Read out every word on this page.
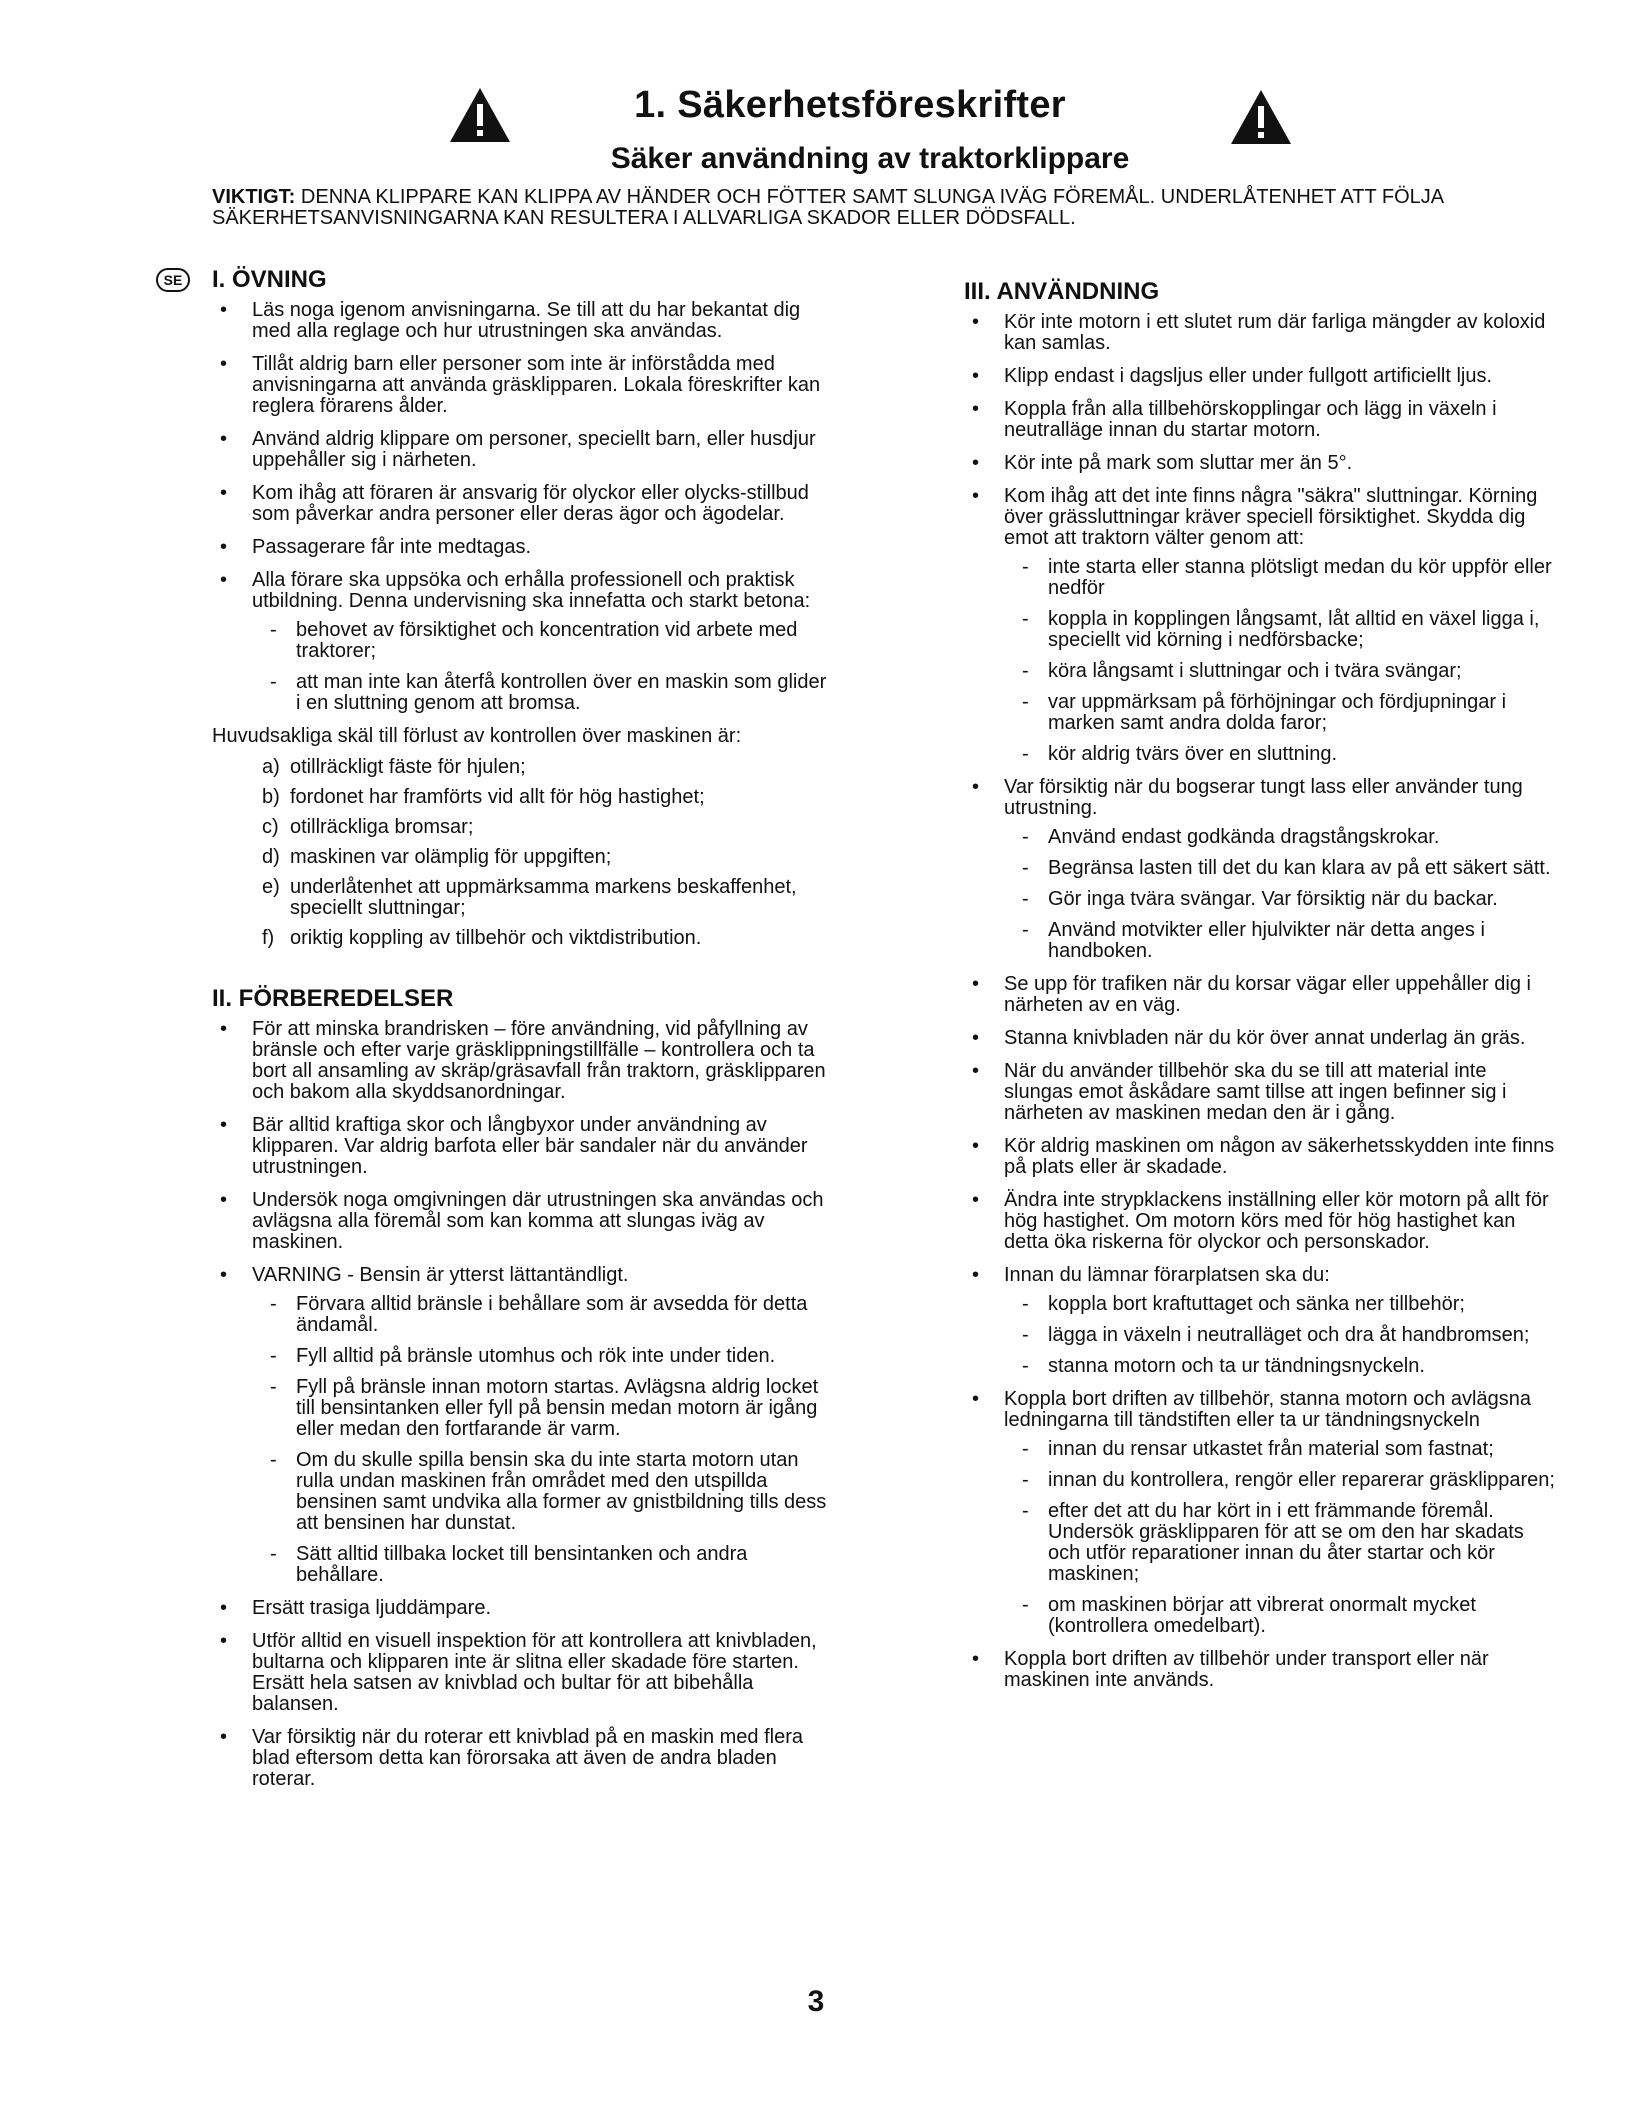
1. Säkerhetsföreskrifter
Säker användning av traktorklippare

VIKTIGT: DENNA KLIPPARE KAN KLIPPA AV HÄNDER OCH FÖTTER SAMT SLUNGA IVÄG FÖREMÅL. UNDERLÅTENHET ATT FÖLJA SÄKERHETSANVISNINGARNA KAN RESULTERA I ALLVARLIGA SKADOR ELLER DÖDSFALL.

SE	I. ÖVNING
• Läs noga igenom anvisningarna. Se till att du har bekantat dig med alla reglage och hur utrustningen ska användas.
• Tillåt aldrig barn eller personer som inte är införstådda med anvisningarna att använda gräsklipparen. Lokala föreskrifter kan reglera förarens ålder.
• Använd aldrig klippare om personer, speciellt barn, eller husdjur uppehåller sig i närheten.
• Kom ihåg att föraren är ansvarig för olyckor eller olycks-stillbud som påverkar andra personer eller deras ägor och ägodelar.
• Passagerare får inte medtagas.
• Alla förare ska uppsöka och erhålla professionell och praktisk utbildning. Denna undervisning ska innefatta och starkt betona:
- behovet av försiktighet och koncentration vid arbete med traktorer;
- att man inte kan återfå kontrollen över en maskin som glider i en sluttning genom att bromsa.
Huvudsakliga skäl till förlust av kontrollen över maskinen är:
a) otillräckligt fäste för hjulen;
b) fordonet har framförts vid allt för hög hastighet;
c) otillräckliga bromsar;
d) maskinen var olämplig för uppgiften;
e) underlåtenhet att uppmärksamma markens beskaffenhet, speciellt sluttningar;
f) oriktig koppling av tillbehör och viktdistribution.
II. FÖRBEREDELSER
• För att minska brandrisken – före användning, vid påfyllning av bränsle och efter varje gräsklippningstillfälle – kontrollera och ta bort all ansamling av skräp/gräsavfall från traktorn, gräsklipparen och bakom alla skyddsanordningar.
• Bär alltid kraftiga skor och långbyxor under användning av klipparen. Var aldrig barfota eller bär sandaler när du använder utrustningen.
• Undersök noga omgivningen där utrustningen ska användas och avlägsna alla föremål som kan komma att slungas iväg av maskinen.
• VARNING - Bensin är ytterst lättantändligt.
- Förvara alltid bränsle i behållare som är avsedda för detta ändamål.
- Fyll alltid på bränsle utomhus och rök inte under tiden.
- Fyll på bränsle innan motorn startas. Avlägsna aldrig locket till bensintanken eller fyll på bensin medan motorn är igång eller medan den fortfarande är varm.
- Om du skulle spilla bensin ska du inte starta motorn utan rulla undan maskinen från området med den utspillda bensinen samt undvika alla former av gnistbildning tills dess att bensinen har dunstat.
- Sätt alltid tillbaka locket till bensintanken och andra behållare.
• Ersätt trasiga ljuddämpare.
• Utför alltid en visuell inspektion för att kontrollera att knivbladen, bultarna och klipparen inte är slitna eller skadade före starten. Ersätt hela satsen av knivblad och bultar för att bibehålla balansen.
• Var försiktig när du roterar ett knivblad på en maskin med flera blad eftersom detta kan förorsaka att även de andra bladen roterar.
III. ANVÄNDNING
• Kör inte motorn i ett slutet rum där farliga mängder av koloxid kan samlas.
• Klipp endast i dagsljus eller under fullgott artificiellt ljus.
• Koppla från alla tillbehörskopplingar och lägg in växeln i neutralläge innan du startar motorn.
• Kör inte på mark som sluttar mer än 5°.
• Kom ihåg att det inte finns några "säkra" sluttningar. Körning över grässluttningar kräver speciell försiktighet. Skydda dig emot att traktorn välter genom att:
- inte starta eller stanna plötsligt medan du kör uppför eller nedför
- koppla in kopplingen långsamt, låt alltid en växel ligga i, speciellt vid körning i nedförsbacke;
- köra långsamt i sluttningar och i tvära svängar;
- var uppmärksam på förhöjningar och fördjupningar i marken samt andra dolda faror;
- kör aldrig tvärs över en sluttning.
• Var försiktig när du bogserar tungt lass eller använder tung utrustning.
- Använd endast godkända dragstångskrokar.
- Begränsa lasten till det du kan klara av på ett säkert sätt.
- Gör inga tvära svängar. Var försiktig när du backar.
- Använd motvikter eller hjulvikter när detta anges i handboken.
• Se upp för trafiken när du korsar vägar eller uppehåller dig i närheten av en väg.
• Stanna knivbladen när du kör över annat underlag än gräs.
• När du använder tillbehör ska du se till att material inte slungas emot åskådare samt tillse att ingen befinner sig i närheten av maskinen medan den är i gång.
• Kör aldrig maskinen om någon av säkerhetsskydden inte finns på plats eller är skadade.
• Ändra inte strypklackens inställning eller kör motorn på allt för hög hastighet. Om motorn körs med för hög hastighet kan detta öka riskerna för olyckor och personskador.
• Innan du lämnar förarplatsen ska du:
- koppla bort kraftuttaget och sänka ner tillbehör;
- lägga in växeln i neutralläget och dra åt handbromsen;
- stanna motorn och ta ur tändningsnyckeln.
• Koppla bort driften av tillbehör, stanna motorn och avlägsna ledningarna till tändstiften eller ta ur tändningsnyckeln
- innan du rensar utkastet från material som fastnat;
- innan du kontrollera, rengör eller reparerar gräsklipparen;
- efter det att du har kört in i ett främmande föremål. Undersök gräsklipparen för att se om den har skadats och utför reparationer innan du åter startar och kör maskinen;
- om maskinen börjar att vibrerat onormalt mycket (kontrollera omedelbart).
• Koppla bort driften av tillbehör under transport eller när maskinen inte används.
3
